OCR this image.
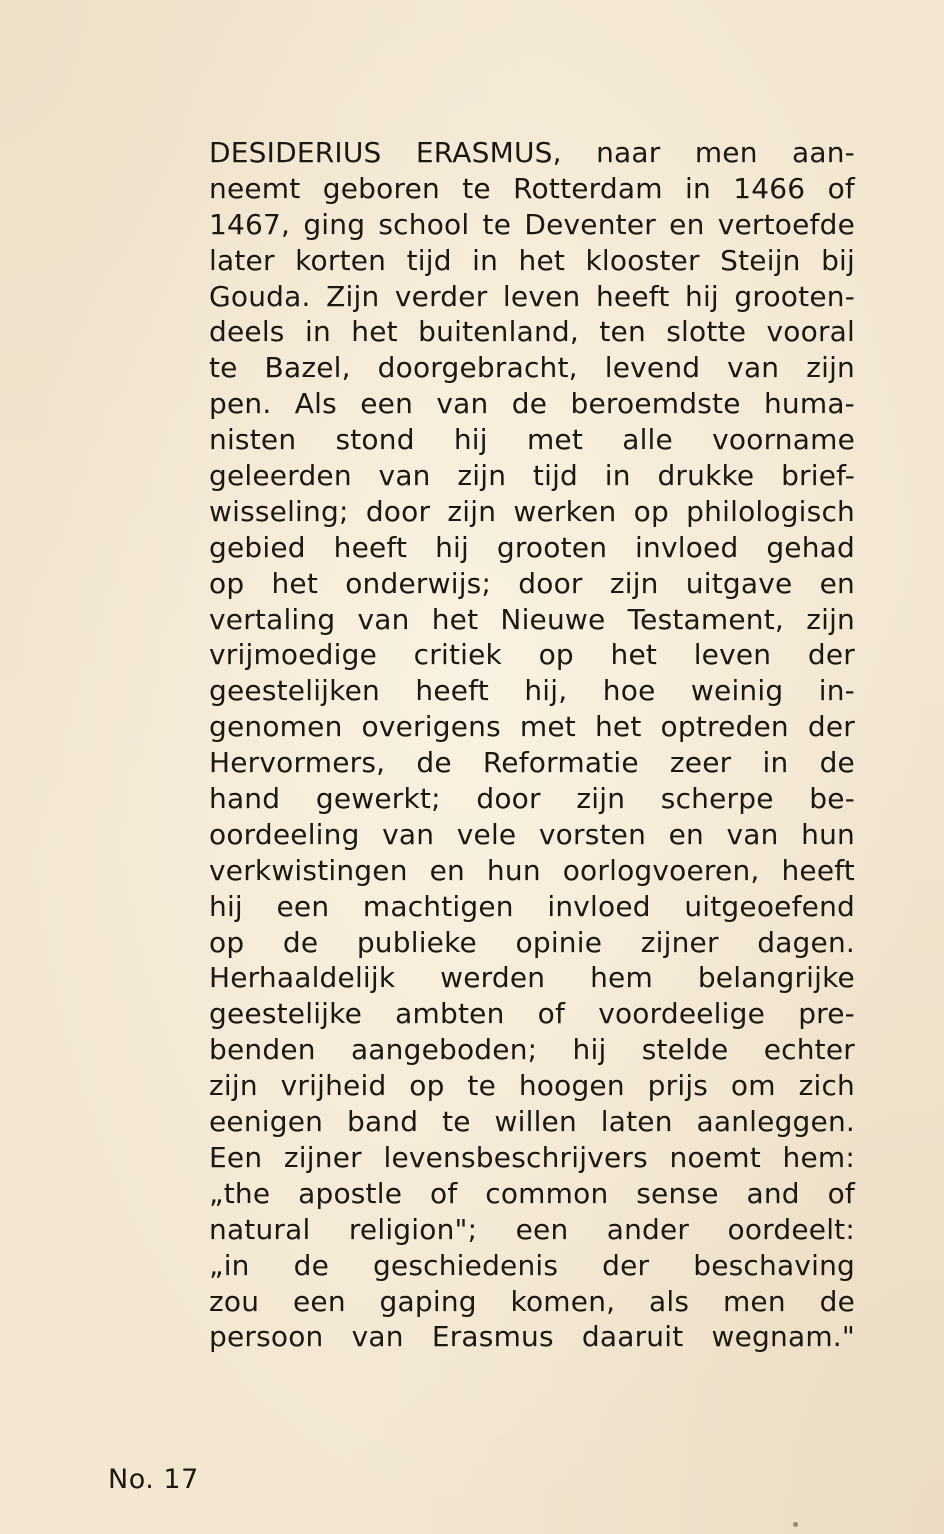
DESIDERIUS ERASMUS, naar men aan-
neemt geboren te Rotterdam in 1466 of
1467, ging school te Deventer en vertoefde
later korten tijd in het klooster Steijn bij
Gouda. Zijn verder leven heeft hij grooten-
deels in het buitenland, ten slotte vooral
te Bazel, doorgebracht, levend van zijn
pen. Als een van de beroemdste huma-
nisten stond hij met alle voorname
geleerden van zijn tijd in drukke brief-
wisseling; door zijn werken op philologisch
gebied heeft hij grooten invloed gehad
op het onderwijs; door zijn uitgave en
vertaling van het Nieuwe Testament, zijn
vrijmoedige critiek op het leven der
geestelijken heeft hij, hoe weinig in-
genomen overigens met het optreden der
Hervormers, de Reformatie zeer in de
hand gewerkt; door zijn scherpe be-
oordeeling van vele vorsten en van hun
verkwistingen en hun oorlogvoeren, heeft
hij een machtigen invloed uitgeoefend
op de publieke opinie zijner dagen.
Herhaaldelijk werden hem belangrijke
geestelijke ambten of voordeelige pre-
benden aangeboden; hij stelde echter
zijn vrijheid op te hoogen prijs om zich
eenigen band te willen laten aanleggen.
Een zijner levensbeschrijvers noemt hem:
„the apostle of common sense and of
natural religion"; een ander oordeelt:
„in de geschiedenis der beschaving
zou een gaping komen, als men de
persoon van Erasmus daaruit wegnam."
No. 17
